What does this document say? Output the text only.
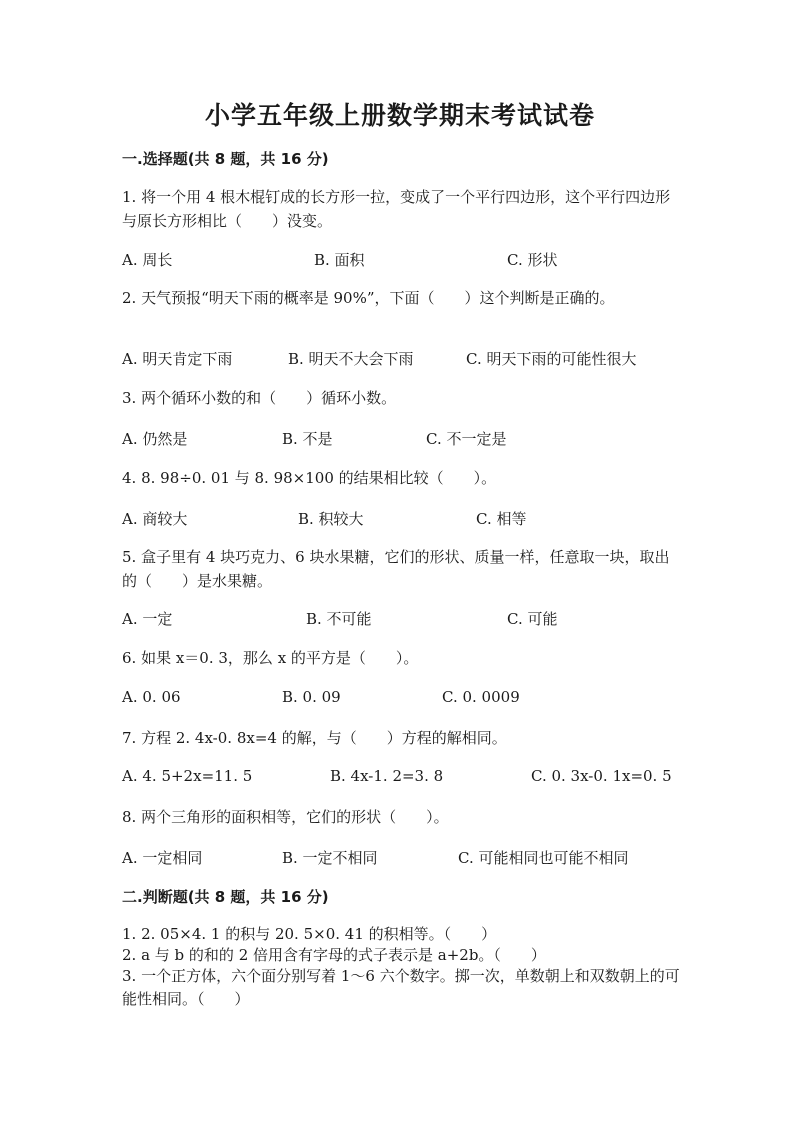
小学五年级上册数学期末考试试卷
一.选择题(共 8 题，共 16 分)
1. 将一个用 4 根木棍钉成的长方形一拉，变成了一个平行四边形，这个平行四边形与原长方形相比（　　）没变。
A. 周长	B. 面积	C. 形状
2. 天气预报“明天下雨的概率是 90%”，下面（　　）这个判断是正确的。
A. 明天肯定下雨	B. 明天不大会下雨	C. 明天下雨的可能性很大
3. 两个循环小数的和（　　）循环小数。
A. 仍然是	B. 不是	C. 不一定是
4. 8. 98÷0. 01 与 8. 98×100 的结果相比较（　　）。
A. 商较大	B. 积较大	C. 相等
5. 盒子里有 4 块巧克力、6 块水果糖，它们的形状、质量一样，任意取一块，取出的（　　）是水果糖。
A. 一定	B. 不可能	C. 可能
6. 如果 x＝0. 3，那么 x 的平方是（　　）。
A. 0. 06	B. 0. 09	C. 0. 0009
7. 方程 2. 4x-0. 8x=4 的解，与（　　）方程的解相同。
A. 4. 5+2x=11. 5	B. 4x-1. 2=3. 8	C. 0. 3x-0. 1x=0. 5
8. 两个三角形的面积相等，它们的形状（　　）。
A. 一定相同	B. 一定不相同	C. 可能相同也可能不相同
二.判断题(共 8 题，共 16 分)
1. 2. 05×4. 1 的积与 20. 5×0. 41 的积相等。（　　）
2. a 与 b 的和的 2 倍用含有字母的式子表示是 a+2b。（　　）
3. 一个正方体，六个面分别写着 1～6 六个数字。掷一次，单数朝上和双数朝上的可能性相同。（　　）
